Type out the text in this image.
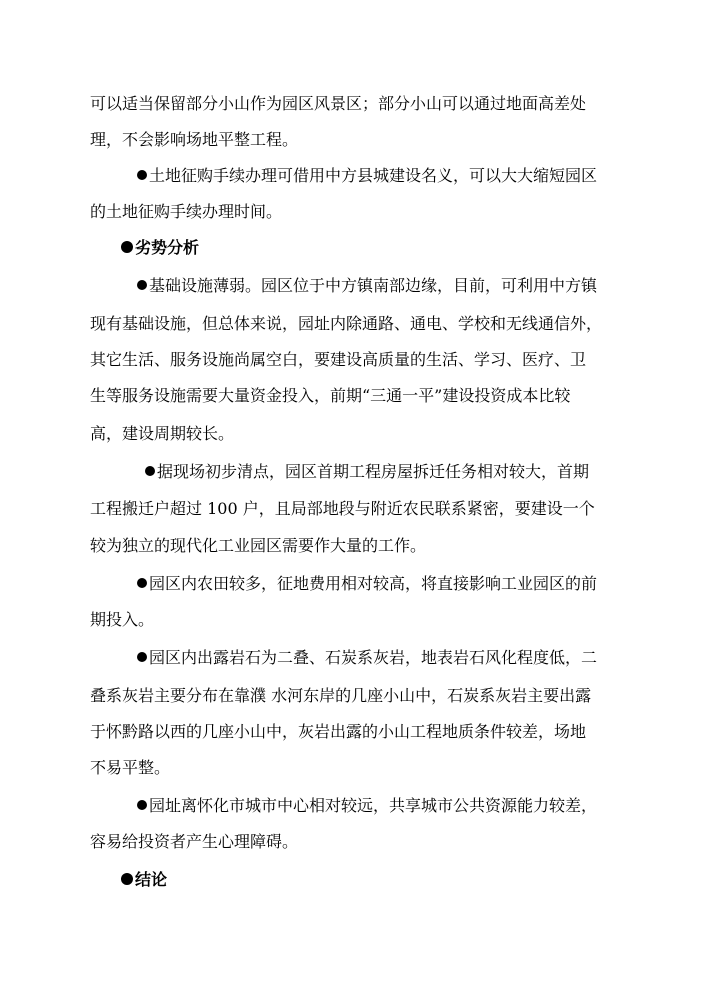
可以适当保留部分小山作为园区风景区；部分小山可以通过地面高差处
理，不会影响场地平整工程。
土地征购手续办理可借用中方县城建设名义，可以大大缩短园区
的土地征购手续办理时间。
劣势分析
基础设施薄弱。园区位于中方镇南部边缘，目前，可利用中方镇
现有基础设施，但总体来说，园址内除通路、通电、学校和无线通信外，
其它生活、服务设施尚属空白，要建设高质量的生活、学习、医疗、卫
生等服务设施需要大量资金投入，前期“三通一平”建设投资成本比较
高，建设周期较长。
据现场初步清点，园区首期工程房屋拆迁任务相对较大，首期
工程搬迁户超过 100 户，且局部地段与附近农民联系紧密，要建设一个
较为独立的现代化工业园区需要作大量的工作。
园区内农田较多，征地费用相对较高，将直接影响工业园区的前
期投入。
园区内出露岩石为二叠、石炭系灰岩，地表岩石风化程度低，二
叠系灰岩主要分布在靠濮 水河东岸的几座小山中，石炭系灰岩主要出露
于怀黔路以西的几座小山中，灰岩出露的小山工程地质条件较差，场地
不易平整。
园址离怀化市城市中心相对较远，共享城市公共资源能力较差，
容易给投资者产生心理障碍。
结论
